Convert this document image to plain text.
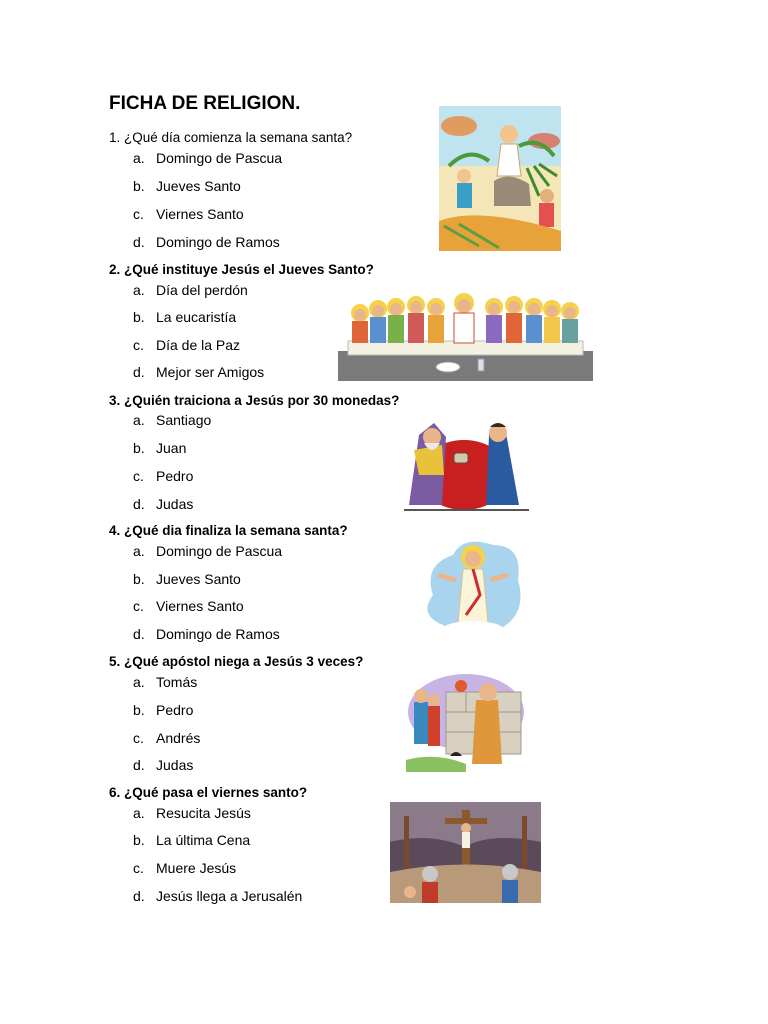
FICHA DE RELIGION.
1. ¿Qué día comienza la semana santa?
a. Domingo de Pascua
b. Jueves Santo
c. Viernes Santo
d. Domingo de Ramos
2. ¿Qué instituye Jesús el Jueves Santo?
a. Día del perdón
b. La eucaristía
c. Día de la Paz
d. Mejor ser Amigos
3. ¿Quién traiciona a Jesús por 30 monedas?
a. Santiago
b. Juan
c. Pedro
d. Judas
4. ¿Qué dia finaliza la semana santa?
a. Domingo de Pascua
b. Jueves Santo
c. Viernes Santo
d. Domingo de Ramos
5. ¿Qué apóstol niega a Jesús 3 veces?
a. Tomás
b. Pedro
c. Andrés
d. Judas
6. ¿Qué pasa el viernes santo?
a. Resucita Jesús
b. La última Cena
c. Muere Jesús
d. Jesús llega a Jerusalén
